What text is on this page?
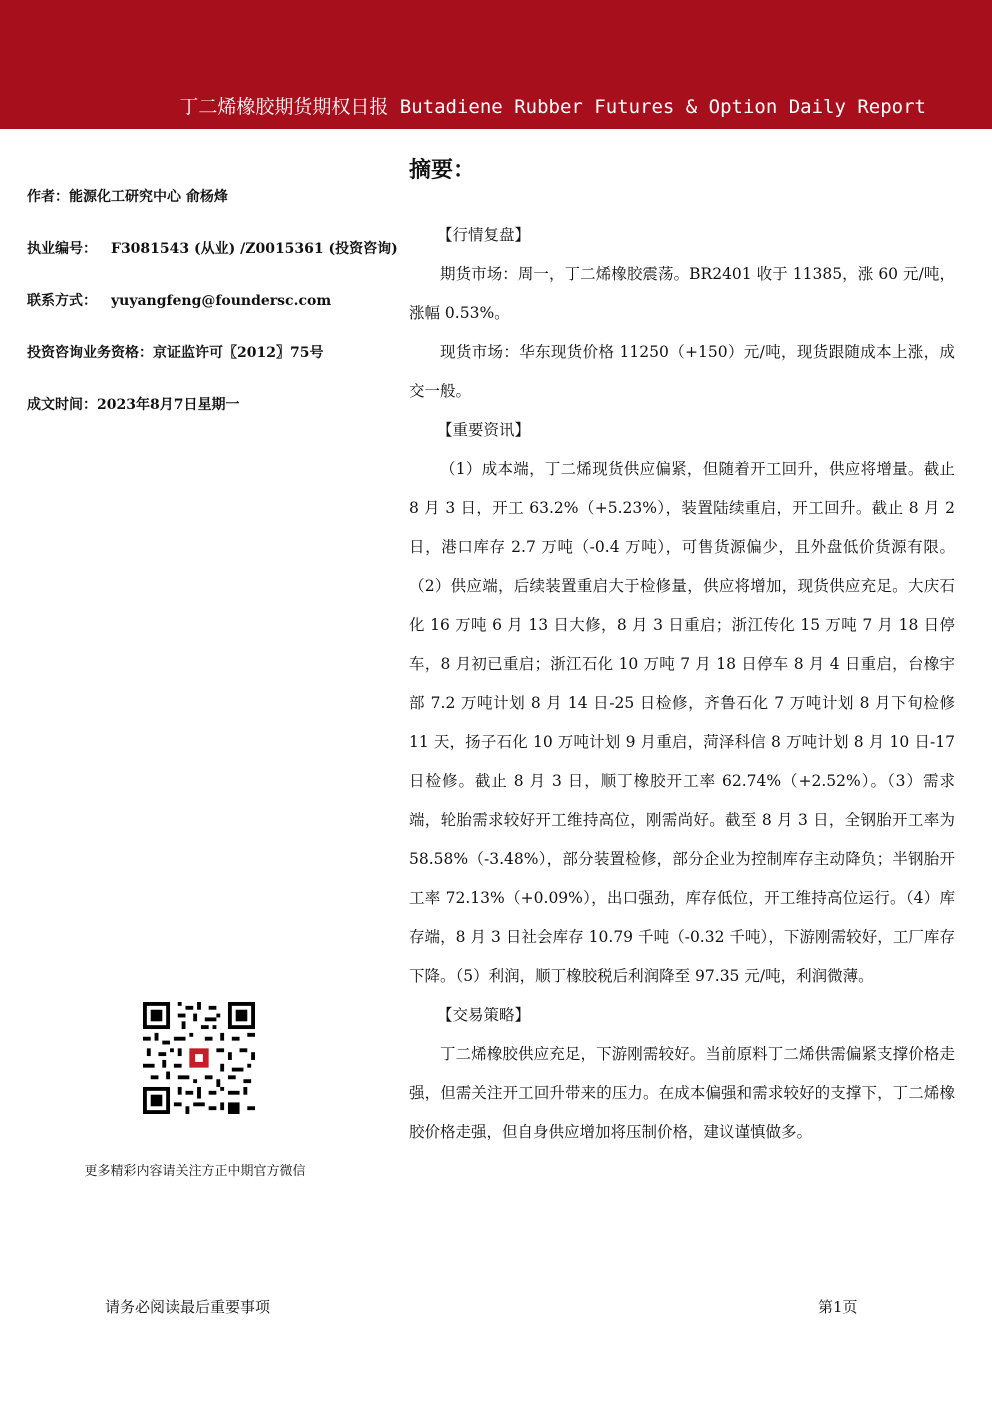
丁二烯橡胶期货期权日报 Butadiene Rubber Futures & Option Daily Report
作者：能源化工研究中心 俞杨烽
执业编号： F3081543 (从业) /Z0015361 (投资咨询)
联系方式： yuyangfeng@foundersc.com
投资咨询业务资格：京证监许可〖2012〗75号
成文时间：2023年8月7日星期一
更多精彩内容请关注方正中期官方微信
摘要：
【行情复盘】

期货市场：周一，丁二烯橡胶震荡。BR2401 收于 11385，涨 60 元/吨，涨幅 0.53%。

现货市场：华东现货价格 11250（+150）元/吨，现货跟随成本上涨，成交一般。

【重要资讯】

（1）成本端，丁二烯现货供应偏紧，但随着开工回升，供应将增量。截止 8 月 3 日，开工 63.2%（+5.23%），装置陆续重启，开工回升。截止 8 月 2 日，港口库存 2.7 万吨（-0.4 万吨），可售货源偏少，且外盘低价货源有限。（2）供应端，后续装置重启大于检修量，供应将增加，现货供应充足。大庆石化 16 万吨 6 月 13 日大修，8 月 3 日重启；浙江传化 15 万吨 7 月 18 日停车，8 月初已重启；浙江石化 10 万吨 7 月 18 日停车 8 月 4 日重启，台橡宇部 7.2 万吨计划 8 月 14 日-25 日检修，齐鲁石化 7 万吨计划 8 月下旬检修 11 天，扬子石化 10 万吨计划 9 月重启，菏泽科信 8 万吨计划 8 月 10 日-17 日检修。截止 8 月 3 日，顺丁橡胶开工率 62.74%（+2.52%）。（3）需求端，轮胎需求较好开工维持高位，刚需尚好。截至 8 月 3 日，全钢胎开工率为 58.58%（-3.48%），部分装置检修，部分企业为控制库存主动降负；半钢胎开工率 72.13%（+0.09%），出口强劲，库存低位，开工维持高位运行。（4）库存端，8 月 3 日社会库存 10.79 千吨（-0.32 千吨），下游刚需较好，工厂库存下降。（5）利润，顺丁橡胶税后利润降至 97.35 元/吨，利润微薄。

【交易策略】

丁二烯橡胶供应充足，下游刚需较好。当前原料丁二烯供需偏紧支撑价格走强，但需关注开工回升带来的压力。在成本偏强和需求较好的支撑下，丁二烯橡胶价格走强，但自身供应增加将压制价格，建议谨慎做多。

请务必阅读最后重要事项	第1页
